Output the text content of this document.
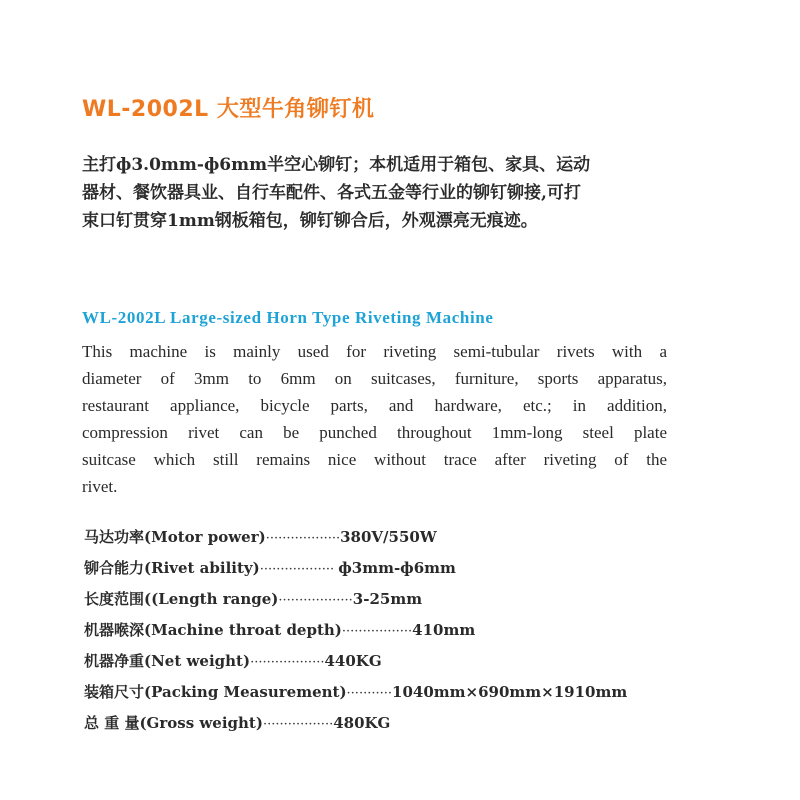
WL-2002L 大型牛角铆钉机
主打ф3.0mm-ф6mm半空心铆钉；本机适用于箱包、家具、运动
器材、餐饮器具业、自行车配件、各式五金等行业的铆钉铆接,可打
束口钉贯穿1mm钢板箱包，铆钉铆合后，外观漂亮无痕迹。
WL-2002L Large-sized Horn Type Riveting Machine
This machine is mainly used for riveting semi-tubular rivets with a
diameter of 3mm to 6mm on suitcases, furniture, sports apparatus,
restaurant appliance, bicycle parts, and hardware, etc.; in addition,
compression rivet can be punched throughout 1mm-long steel plate
suitcase which still remains nice without trace after riveting of the
rivet.
马达功率(Motor power)··················380V/550W
铆合能力(Rivet ability)·················· ф3mm-ф6mm
长度范围((Length range)··················3-25mm
机器喉深(Machine throat depth)·················410mm
机器净重(Net weight)··················440KG
装箱尺寸(Packing Measurement)···········1040mm×690mm×1910mm
总 重 量(Gross weight)·················480KG
